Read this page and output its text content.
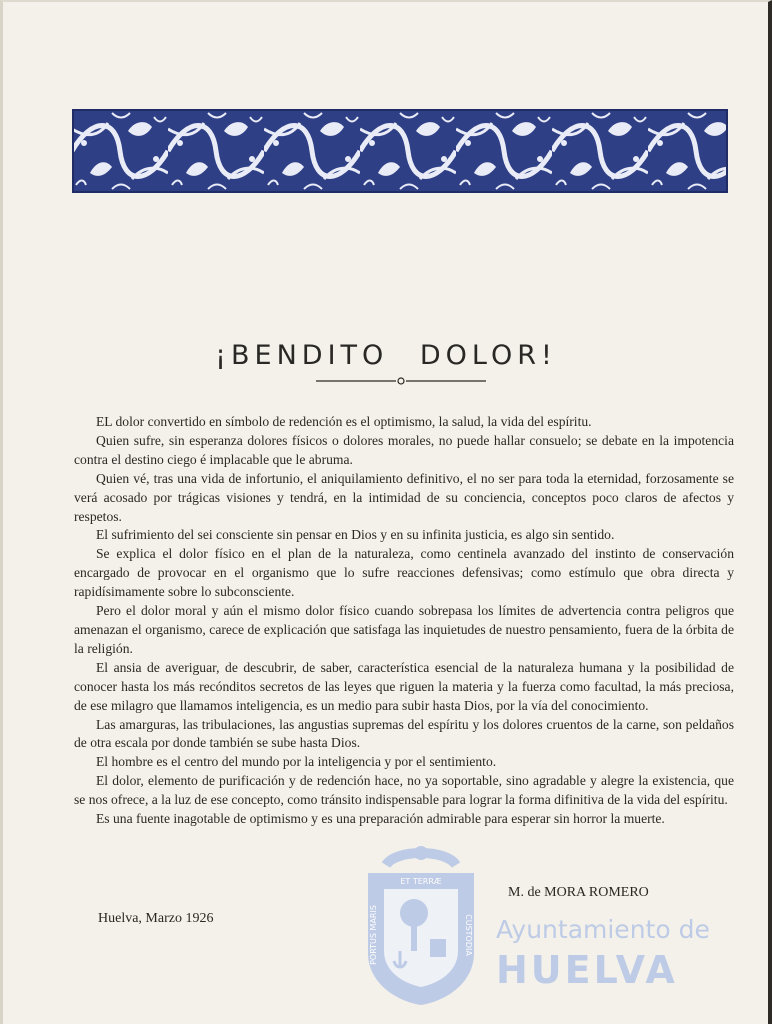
¡BENDITO DOLOR!

EL dolor convertido en símbolo de redención es el optimismo, la salud, la vida del espíritu.

Quien sufre, sin esperanza dolores físicos o dolores morales, no puede hallar consuelo; se debate en la impotencia contra el destino ciego é implacable que le abruma.

Quien vé, tras una vida de infortunio, el aniquilamiento definitivo, el no ser para toda la eternidad, forzosamente se verá acosado por trágicas visiones y tendrá, en la intimidad de su conciencia, conceptos poco claros de afectos y respetos.

El sufrimiento del sei consciente sin pensar en Dios y en su infinita justicia, es algo sin sentido.

Se explica el dolor físico en el plan de la naturaleza, como centinela avanzado del instinto de conservación encargado de provocar en el organismo que lo sufre reacciones defensivas; como estímulo que obra directa y rapidísimamente sobre lo subconsciente.

Pero el dolor moral y aún el mismo dolor físico cuando sobrepasa los límites de advertencia contra peligros que amenazan el organismo, carece de explicación que satisfaga las inquietudes de nuestro pensamiento, fuera de la órbita de la religión.

El ansia de averiguar, de descubrir, de saber, característica esencial de la naturaleza humana y la posibilidad de conocer hasta los más recónditos secretos de las leyes que riguen la materia y la fuerza como facultad, la más preciosa, de ese milagro que llamamos inteligencia, es un medio para subir hasta Dios, por la vía del conocimiento.

Las amarguras, las tribulaciones, las angustias supremas del espíritu y los dolores cruentos de la carne, son peldaños de otra escala por donde también se sube hasta Dios.

El hombre es el centro del mundo por la inteligencia y por el sentimiento.

El dolor, elemento de purificación y de redención hace, no ya soportable, sino agradable y alegre la existencia, que se nos ofrece, a la luz de ese concepto, como tránsito indispensable para lograr la forma difinitiva de la vida del espíritu.

Es una fuente inagotable de optimismo y es una preparación admirable para esperar sin horror la muerte.

ET TERRÆ
PORTUS MARIS	CUSTODIA Ayuntamiento de
HUELVA
M. de MORA ROMERO
Huelva, Marzo 1926
